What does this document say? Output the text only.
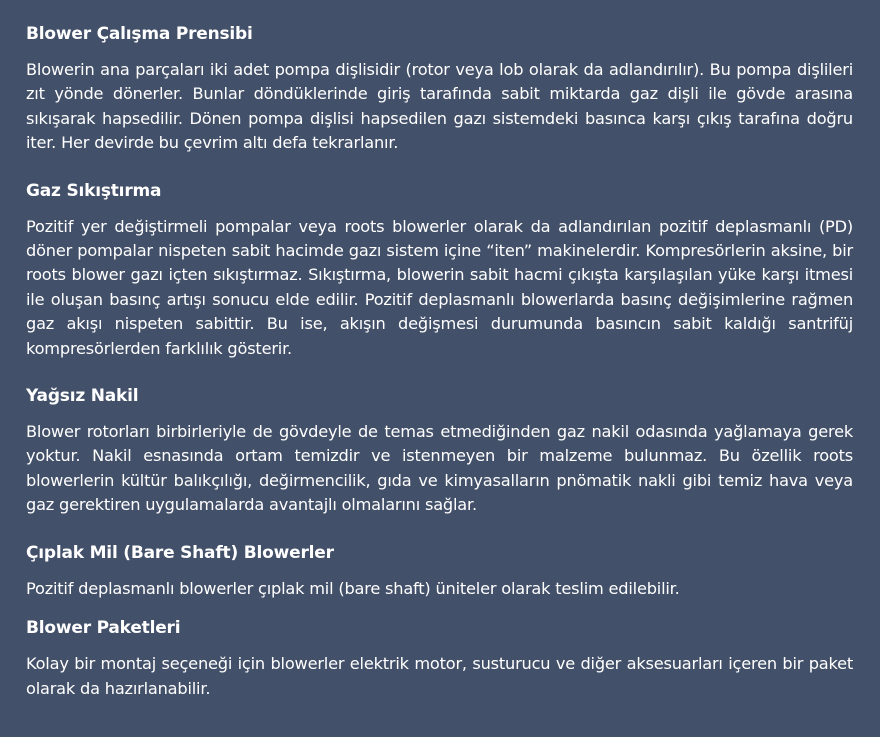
Blower Çalışma Prensibi

Blowerin ana parçaları iki adet pompa dişlisidir (rotor veya lob olarak da adlandırılır). Bu pompa dişlileri zıt yönde dönerler. Bunlar döndüklerinde giriş tarafında sabit miktarda gaz dişli ile gövde arasına sıkışarak hapsedilir. Dönen pompa dişlisi hapsedilen gazı sistemdeki basınca karşı çıkış tarafına doğru iter. Her devirde bu çevrim altı defa tekrarlanır.

Gaz Sıkıştırma

Pozitif yer değiştirmeli pompalar veya roots blowerler olarak da adlandırılan pozitif deplasmanlı (PD) döner pompalar nispeten sabit hacimde gazı sistem içine “iten” makinelerdir. Kompresörlerin aksine, bir roots blower gazı içten sıkıştırmaz. Sıkıştırma, blowerin sabit hacmi çıkışta karşılaşılan yüke karşı itmesi ile oluşan basınç artışı sonucu elde edilir. Pozitif deplasmanlı blowerlarda basınç değişimlerine rağmen gaz akışı nispeten sabittir. Bu ise, akışın değişmesi durumunda basıncın sabit kaldığı santrifüj kompresörlerden farklılık gösterir.

Yağsız Nakil

Blower rotorları birbirleriyle de gövdeyle de temas etmediğinden gaz nakil odasında yağlamaya gerek yoktur. Nakil esnasında ortam temizdir ve istenmeyen bir malzeme bulunmaz. Bu özellik roots blowerlerin kültür balıkçılığı, değirmencilik, gıda ve kimyasalların pnömatik nakli gibi temiz hava veya gaz gerektiren uygulamalarda avantajlı olmalarını sağlar.

Çıplak Mil (Bare Shaft) Blowerler

Pozitif deplasmanlı blowerler çıplak mil (bare shaft) üniteler olarak teslim edilebilir.

Blower Paketleri

Kolay bir montaj seçeneği için blowerler elektrik motor, susturucu ve diğer aksesuarları içeren bir paket olarak da hazırlanabilir.
